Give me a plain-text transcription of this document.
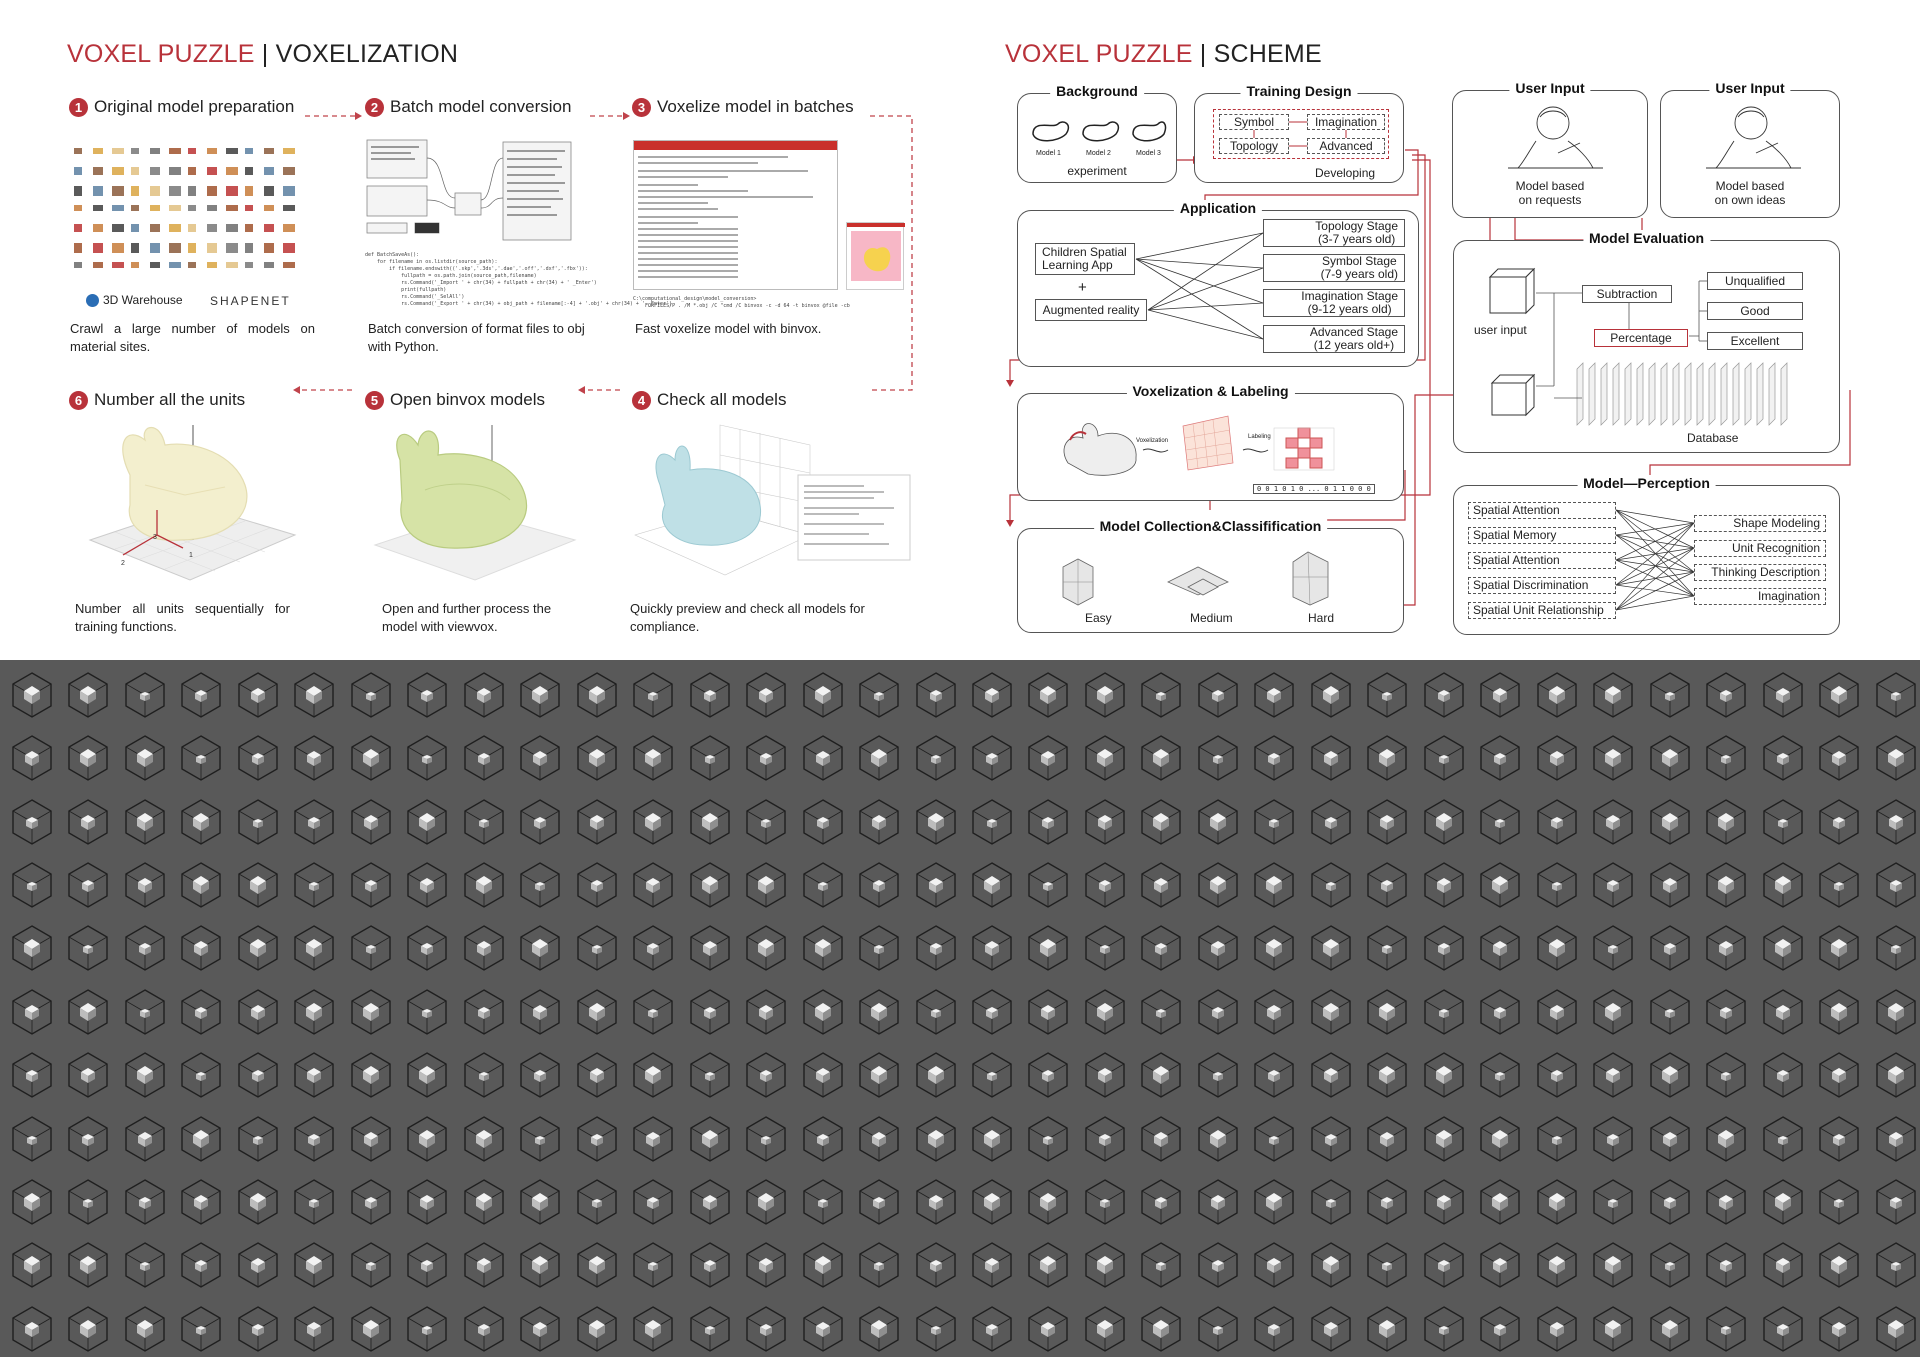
VOXEL PUZZLE | VOXELIZATION
1 Original model preparation
3D Warehouse SHAPENET
Crawl a large number of models on material sites.
2 Batch model conversion
def BatchSaveAs():
for filename in os.listdir(source_path):
if filename.endswith(('.skp','.3ds','.dae','.off','.dxf','.fbx')):
fullpath = os.path.join(source_path,filename)
rs.Command('_Import ' + chr(34) + fullpath + chr(34) + ' _Enter')
print(fullpath)
rs.Command('_SelAll')
rs.Command('_Export ' + chr(34) + obj_path + filename[:-4] + '.obj' + chr(34) + ' _Enter')
Batch conversion of format files to obj with Python.
3 Voxelize model in batches
C:\computational_design\model_conversion>
FORFILES/P . /M *.obj /C "cmd /C binvox -c -d 64 -t binvox @file -cb
Fast voxelize model with binvox.
6 Number all the units
2
3
1
Number all units sequentially for training functions.
5 Open binvox models
Open and further process the model with viewvox.
4 Check all models
Quickly preview and check all models for compliance.
VOXEL PUZZLE | SCHEME
Background
Model 1	Model 2	Model 3
experiment
Training Design
Symbol	Imagination
Topology	Advanced
Developing
User Input
Model based
on requests
User Input
Model based
on own ideas
Application
Children Spatial
Learning App
+
Augmented reality
Topology Stage
(3-7 years old)
Symbol Stage
(7-9 years old)
Imagination Stage
(9-12 years old)
Advanced Stage
(12 years old+)
Voxelization & Labeling
Voxelization
Labeling
0 0 1 0 1 0 ... 0 1 1 0 0 0
Model Collection&Classifification
Easy	Medium	Hard
Model Evaluation
user input
Subtraction
Percentage
Unqualified
Good
Excellent
Database
Model—Perception
Spatial Attention
Spatial Memory
Spatial Attention
Spatial Discrimination
Spatial Unit Relationship
Shape Modeling
Unit Recognition
Thinking Description
Imagination
